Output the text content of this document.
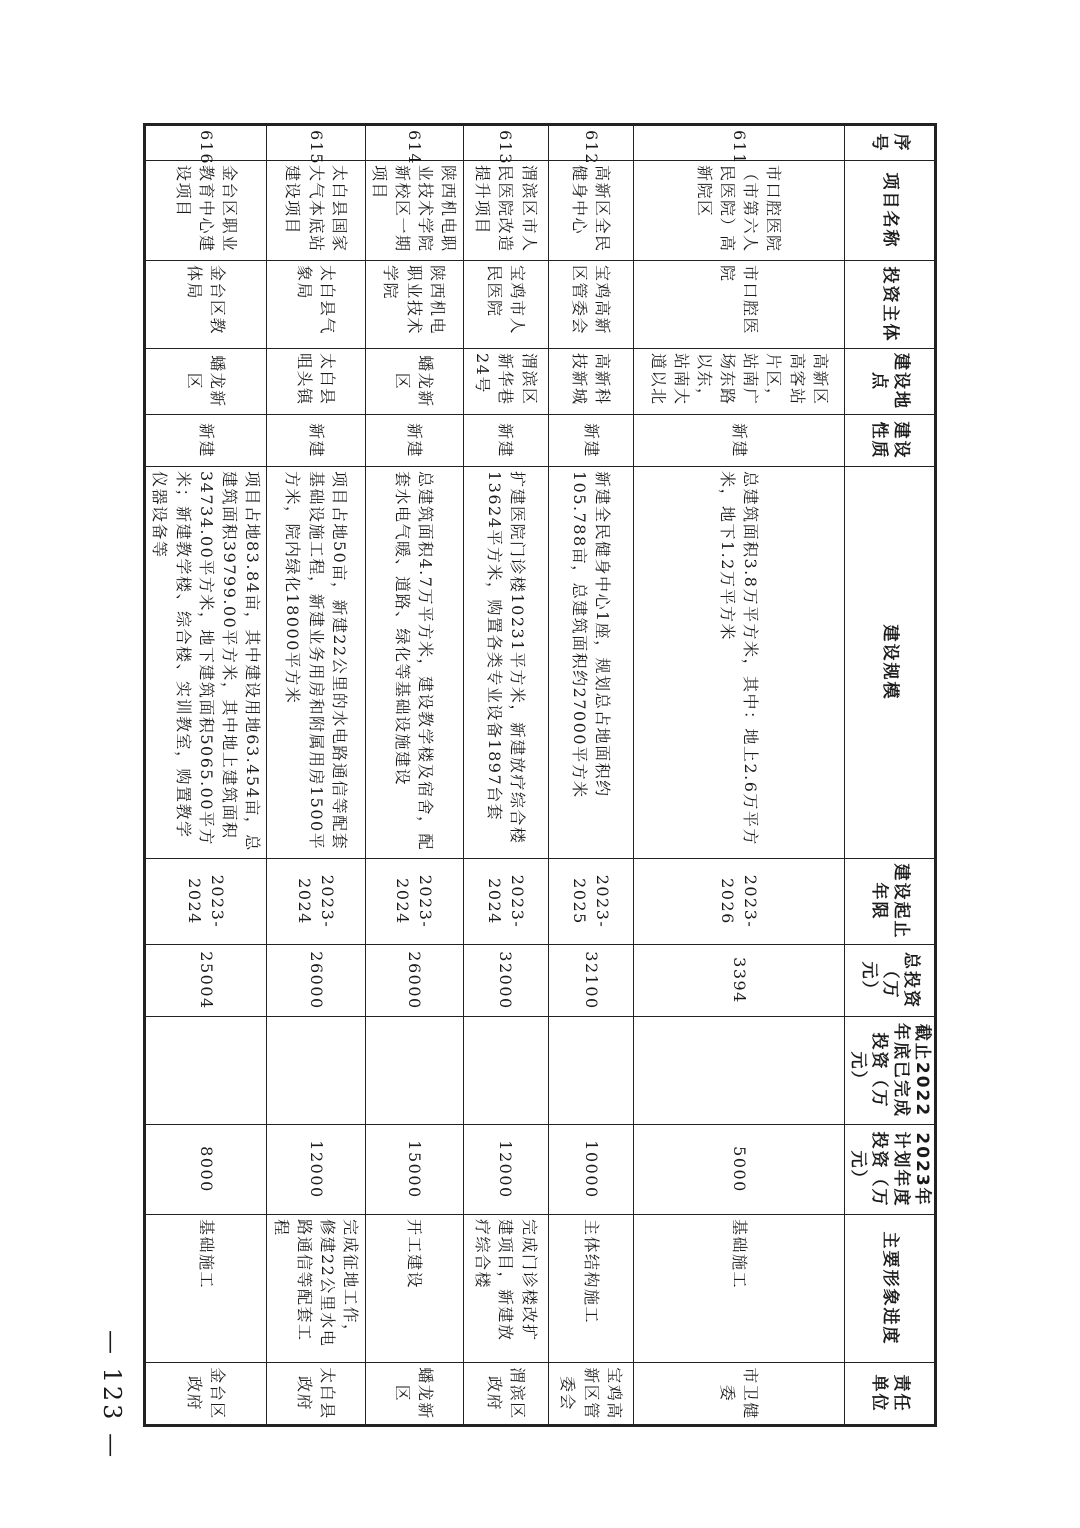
序号	项目名称	投资主体	建设地点	建设性质	建设规模	建设起止年限	总投资（万元）	截止2022年底已完成投资（万元）	2023年计划年度投资（万元）	主要形象进度	责任单位
611	市口腔医院（市第六人民医院）高新院区	市口腔医院	高新区高客站片区，站南广场东路以东，站南大道以北	新建	总建筑面积3.8万平方米，其中：地上2.6万平方米，地下1.2万平方米	2023-2026	3394		5000	基础施工	市卫健委
612	高新区全民健身中心	宝鸡高新区管委会	高新科技新城	新建	新建全民健身中心1座，规划总占地面积约105.788亩，总建筑面积约27000平方米	2023-2025	32100		10000	主体结构施工	宝鸡高新区管委会
613	渭滨区市人民医院改造提升项目	宝鸡市人民医院	渭滨区新华巷24号	新建	扩建医院门诊楼10231平方米，新建放疗综合楼13624平方米，购置各类专业设备1897台套	2023-2024	32000		12000	完成门诊楼改扩建项目，新建放疗综合楼	渭滨区政府
614	陕西机电职业技术学院新校区一期项目	陕西机电职业技术学院	蟠龙新区	新建	总建筑面积4.7万平方米，建设教学楼及宿舍，配套水电气暖、道路、绿化等基础设施建设	2023-2024	26000		15000	开工建设	蟠龙新区
615	太白县国家大气本底站建设项目	太白县气象局	太白县咀头镇	新建	项目占地50亩，新建22公里的水电路通信等配套基础设施工程，新建业务用房和附属用房1500平方米，院内绿化18000平方米	2023-2024	26000		12000	完成征地工作，修建22公里水电路通信等配套工程	太白县政府
616	金台区职业教育中心建设项目	金台区教体局	蟠龙新区	新建	项目占地83.84亩，其中建设用地63.454亩，总建筑面积39799.00平方米，其中地上建筑面积34734.00平方米，地下建筑面积5065.00平方米；新建教学楼、综合楼、实训教室，购置教学仪器设备等	2023-2024	25004		8000	基础施工	金台区政府
— 123 —
